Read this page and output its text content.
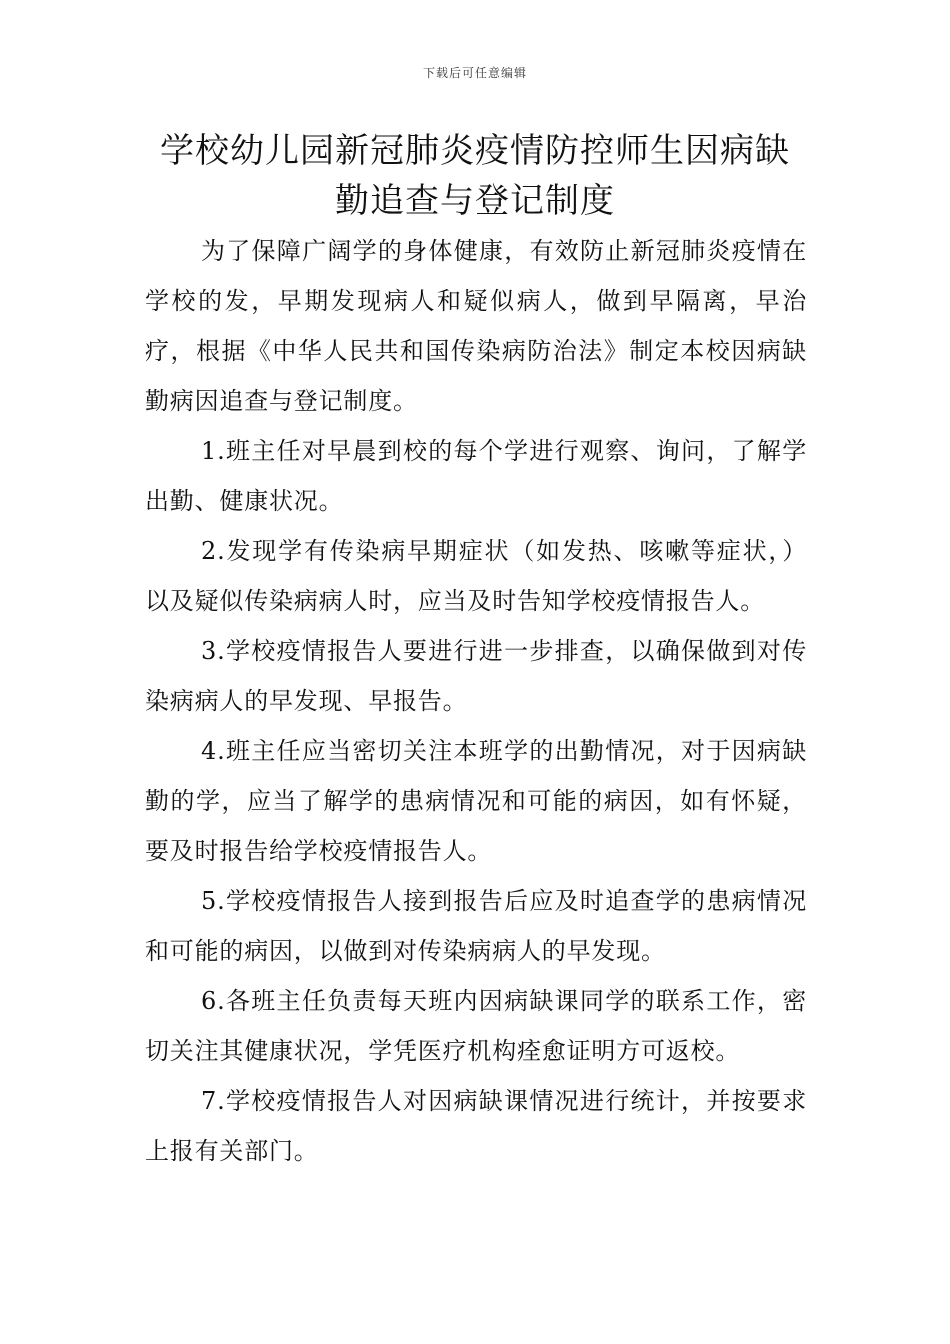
下载后可任意编辑
学校幼儿园新冠肺炎疫情防控师生因病缺
勤追查与登记制度

为了保障广阔学的身体健康，有效防止新冠肺炎疫情在学校的发，早期发现病人和疑似病人，做到早隔离，早治疗，根据《中华人民共和国传染病防治法》制定本校因病缺勤病因追查与登记制度。

1.班主任对早晨到校的每个学进行观察、询问，了解学出勤、健康状况。

2.发现学有传染病早期症状（如发热、咳嗽等症状，）以及疑似传染病病人时，应当及时告知学校疫情报告人。

3.学校疫情报告人要进行进一步排查，以确保做到对传染病病人的早发现、早报告。

4.班主任应当密切关注本班学的出勤情况，对于因病缺勤的学，应当了解学的患病情况和可能的病因，如有怀疑，要及时报告给学校疫情报告人。

5.学校疫情报告人接到报告后应及时追查学的患病情况和可能的病因，以做到对传染病病人的早发现。

6.各班主任负责每天班内因病缺课同学的联系工作，密切关注其健康状况，学凭医疗机构痊愈证明方可返校。

7.学校疫情报告人对因病缺课情况进行统计，并按要求上报有关部门。
